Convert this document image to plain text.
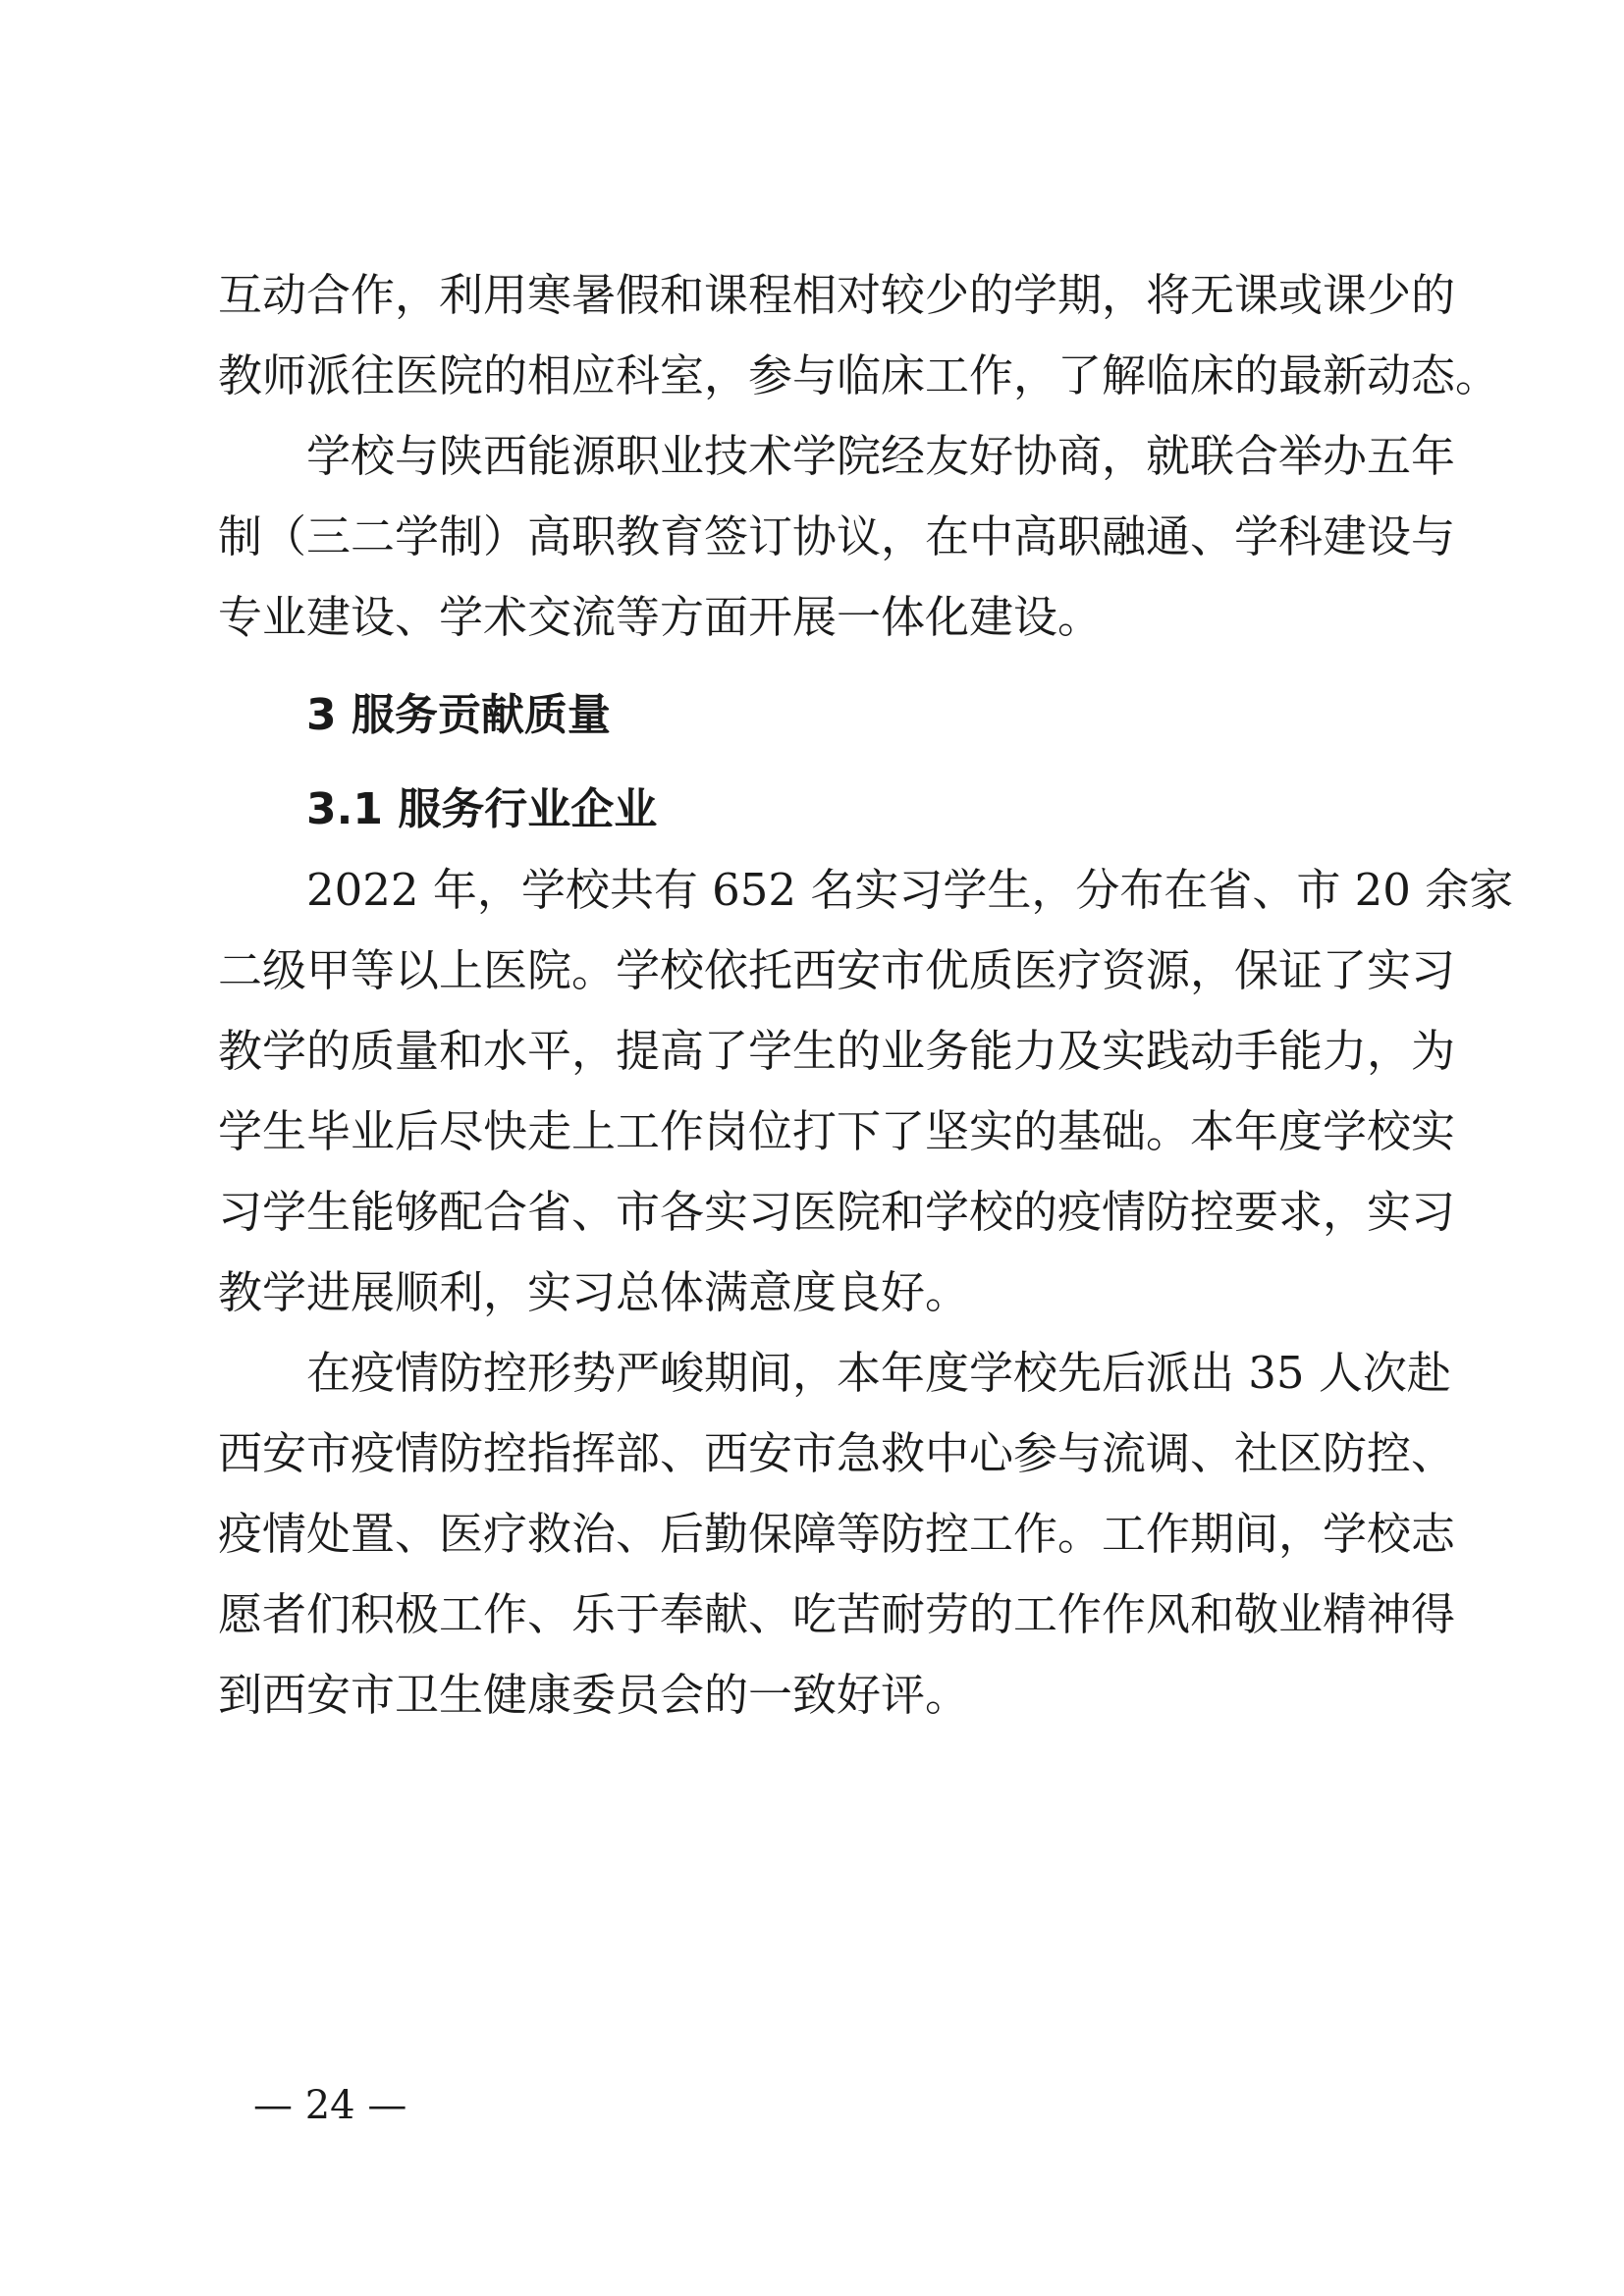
互动合作，利用寒暑假和课程相对较少的学期，将无课或课少的
教师派往医院的相应科室，参与临床工作，了解临床的最新动态。
学校与陕西能源职业技术学院经友好协商，就联合举办五年
制（三二学制）高职教育签订协议，在中高职融通、学科建设与
专业建设、学术交流等方面开展一体化建设。
3 服务贡献质量
3.1 服务行业企业
2022 年，学校共有 652 名实习学生，分布在省、市 20 余家
二级甲等以上医院。学校依托西安市优质医疗资源，保证了实习
教学的质量和水平，提高了学生的业务能力及实践动手能力，为
学生毕业后尽快走上工作岗位打下了坚实的基础。本年度学校实
习学生能够配合省、市各实习医院和学校的疫情防控要求，实习
教学进展顺利，实习总体满意度良好。
在疫情防控形势严峻期间，本年度学校先后派出 35 人次赴
西安市疫情防控指挥部、西安市急救中心参与流调、社区防控、
疫情处置、医疗救治、后勤保障等防控工作。工作期间，学校志
愿者们积极工作、乐于奉献、吃苦耐劳的工作作风和敬业精神得
到西安市卫生健康委员会的一致好评。
— 24 —
